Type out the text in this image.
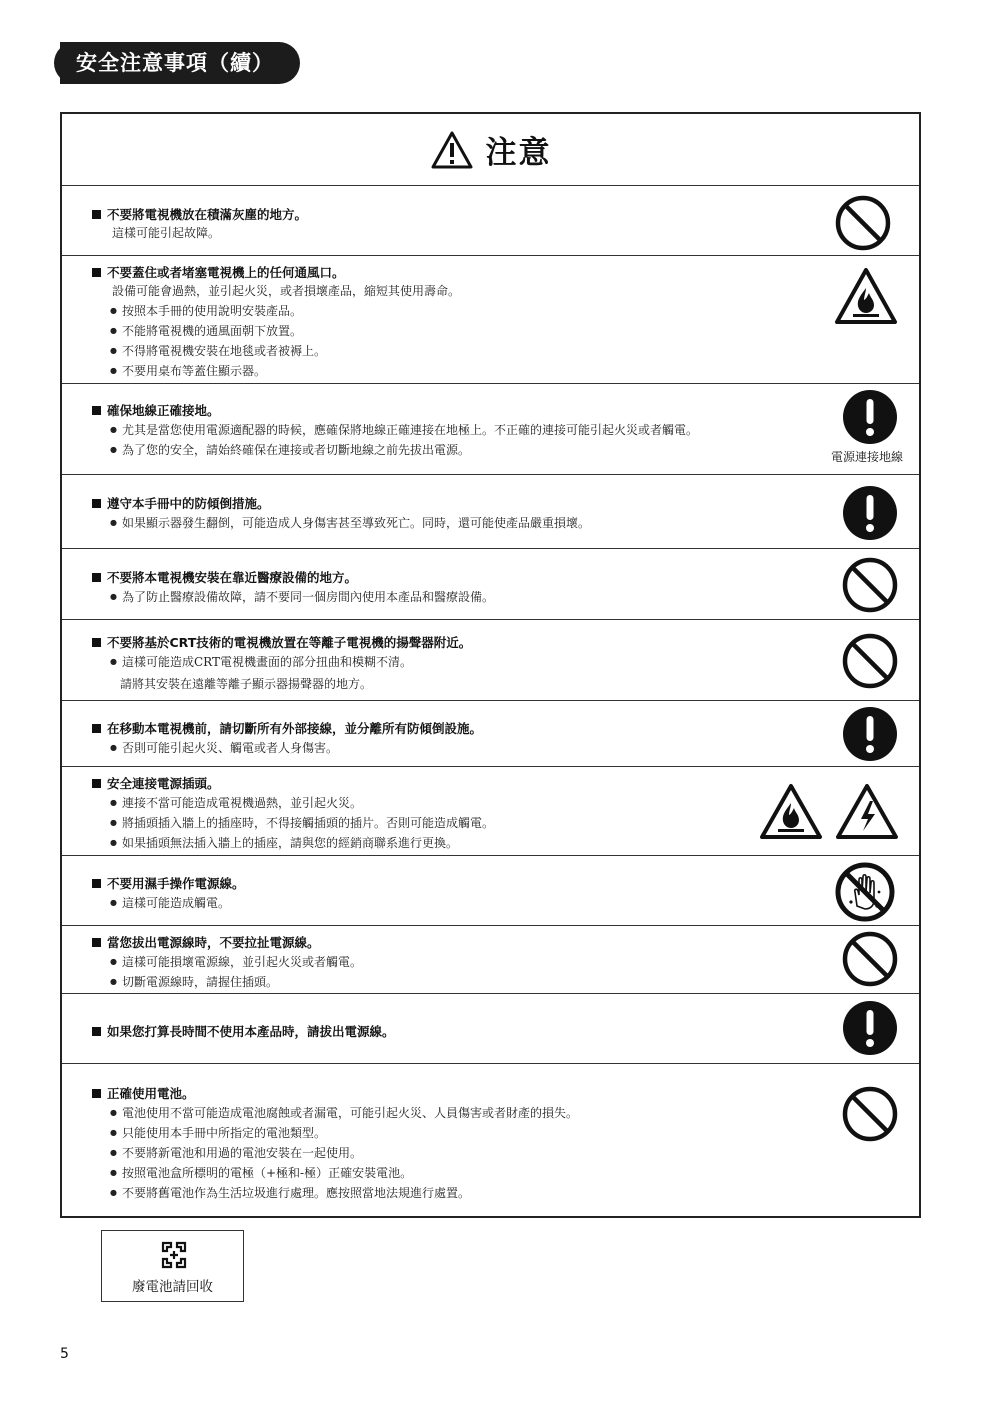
安全注意事項（續）
注意
不要將電視機放在積滿灰塵的地方。
這樣可能引起故障。
不要蓋住或者堵塞電視機上的任何通風口。
設備可能會過熱，並引起火災，或者損壞產品，縮短其使用壽命。
● 按照本手冊的使用說明安裝產品。
● 不能將電視機的通風面朝下放置。
● 不得將電視機安裝在地毯或者被褥上。
● 不要用桌布等蓋住顯示器。
確保地線正確接地。
● 尤其是當您使用電源適配器的時候，應確保將地線正確連接在地極上。不正確的連接可能引起火災或者觸電。
● 為了您的安全，請始終確保在連接或者切斷地線之前先拔出電源。	電源連接地線
遵守本手冊中的防傾倒措施。
● 如果顯示器發生翻倒，可能造成人身傷害甚至導致死亡。同時，還可能使產品嚴重損壞。
不要將本電視機安裝在靠近醫療設備的地方。
● 為了防止醫療設備故障，請不要同一個房間內使用本產品和醫療設備。
不要將基於CRT技術的電視機放置在等離子電視機的揚聲器附近。
● 這樣可能造成CRT電視機畫面的部分扭曲和模糊不清。
請將其安裝在遠離等離子顯示器揚聲器的地方。
在移動本電視機前，請切斷所有外部接線，並分離所有防傾倒設施。
● 否則可能引起火災、觸電或者人身傷害。
安全連接電源插頭。
● 連接不當可能造成電視機過熱，並引起火災。
● 將插頭插入牆上的插座時，不得接觸插頭的插片。否則可能造成觸電。
● 如果插頭無法插入牆上的插座，請與您的經銷商聯系進行更換。
不要用濕手操作電源線。
● 這樣可能造成觸電。
當您拔出電源線時，不要拉扯電源線。
● 這樣可能損壞電源線，並引起火災或者觸電。
● 切斷電源線時，請握住插頭。
如果您打算長時間不使用本產品時，請拔出電源線。
正確使用電池。
● 電池使用不當可能造成電池腐蝕或者漏電，可能引起火災、人員傷害或者財產的損失。
● 只能使用本手冊中所指定的電池類型。
● 不要將新電池和用過的電池安裝在一起使用。
● 按照電池盒所標明的電極（+極和-極）正確安裝電池。
● 不要將舊電池作為生活垃圾進行處理。應按照當地法規進行處置。
廢電池請回收
5
